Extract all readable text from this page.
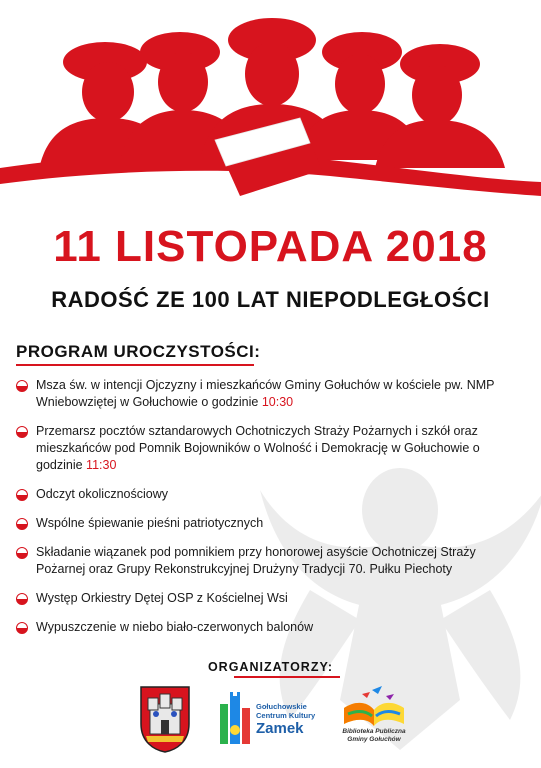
11 LISTOPADA 2018
RADOŚĆ ZE 100 LAT NIEPODLEGŁOŚCI
PROGRAM UROCZYSTOŚCI:
Msza św. w intencji Ojczyzny i mieszkańców Gminy Gołuchów w kościele pw. NMP Wniebowziętej w Gołuchowie o godzinie 10:30
Przemarsz pocztów sztandarowych Ochotniczych Straży Pożarnych i szkół oraz mieszkańców pod Pomnik Bojowników o Wolność i Demokrację w Gołuchowie o godzinie 11:30
Odczyt okolicznościowy
Wspólne śpiewanie pieśni patriotycznych
Składanie wiązanek pod pomnikiem przy honorowej asyście Ochotniczej Straży Pożarnej oraz Grupy Rekonstrukcyjnej Drużyny Tradycji 70. Pułku Piechoty
Występ Orkiestry Dętej OSP z Kościelnej Wsi
Wypuszczenie w niebo biało-czerwonych balonów
ORGANIZATORZY:
Gołuchowskie
Centrum Kultury
Zamek	Biblioteka Publiczna
Gminy Gołuchów
